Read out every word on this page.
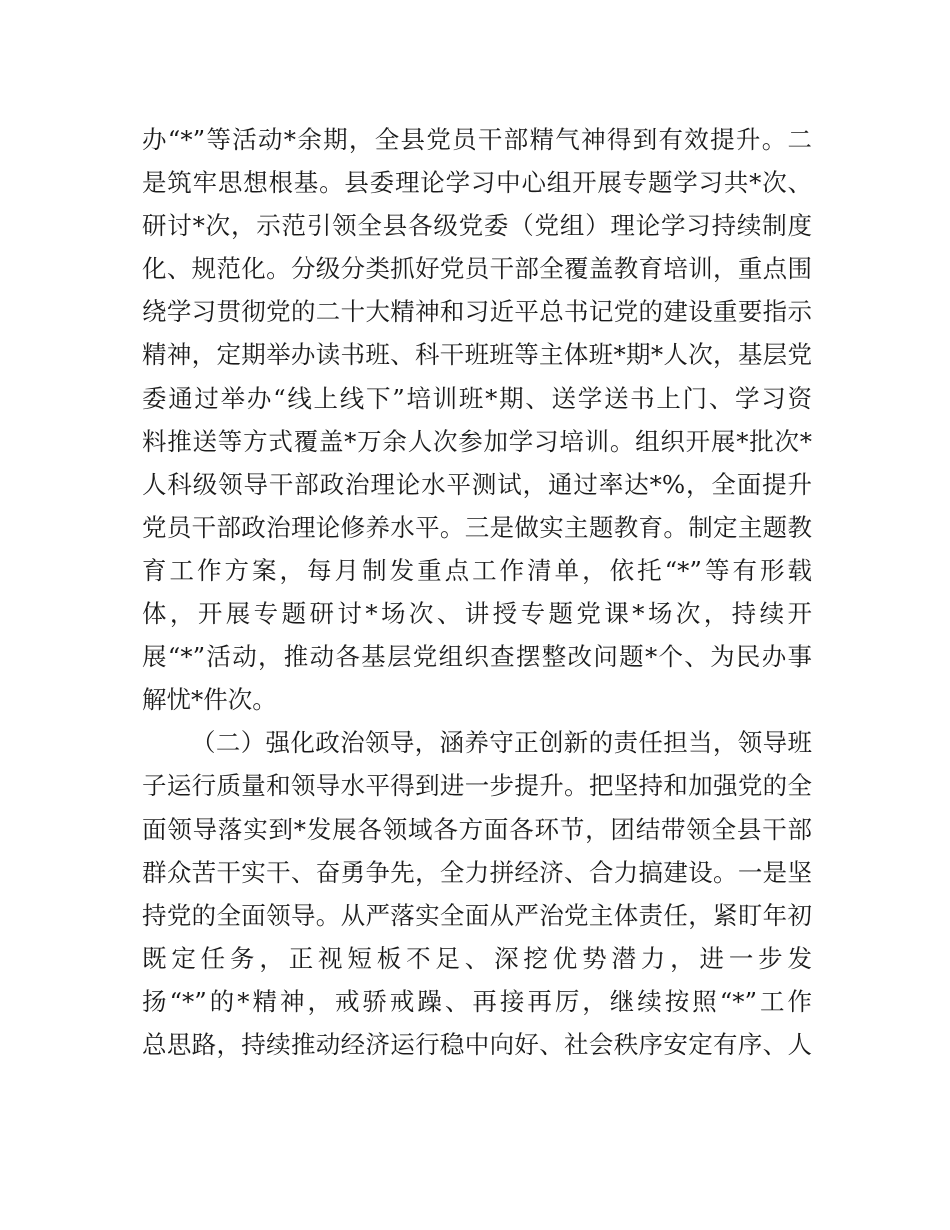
办“*”等活动*余期，全县党员干部精气神得到有效提升。二
是筑牢思想根基。县委理论学习中心组开展专题学习共*次、
研讨*次，示范引领全县各级党委（党组）理论学习持续制度
化、规范化。分级分类抓好党员干部全覆盖教育培训，重点围
绕学习贯彻党的二十大精神和习近平总书记党的建设重要指示
精神，定期举办读书班、科干班班等主体班*期*人次，基层党
委通过举办“线上线下”培训班*期、送学送书上门、学习资
料推送等方式覆盖*万余人次参加学习培训。组织开展*批次*
人科级领导干部政治理论水平测试，通过率达*%，全面提升
党员干部政治理论修养水平。三是做实主题教育。制定主题教
育工作方案，每月制发重点工作清单，依托“*”等有形载
体，开展专题研讨*场次、讲授专题党课*场次，持续开
展“*”活动，推动各基层党组织查摆整改问题*个、为民办事
解忧*件次。
（二）强化政治领导，涵养守正创新的责任担当，领导班
子运行质量和领导水平得到进一步提升。把坚持和加强党的全
面领导落实到*发展各领域各方面各环节，团结带领全县干部
群众苦干实干、奋勇争先，全力拼经济、合力搞建设。一是坚
持党的全面领导。从严落实全面从严治党主体责任，紧盯年初
既定任务，正视短板不足、深挖优势潜力，进一步发
扬“*”的*精神，戒骄戒躁、再接再厉，继续按照“*”工作
总思路，持续推动经济运行稳中向好、社会秩序安定有序、人
